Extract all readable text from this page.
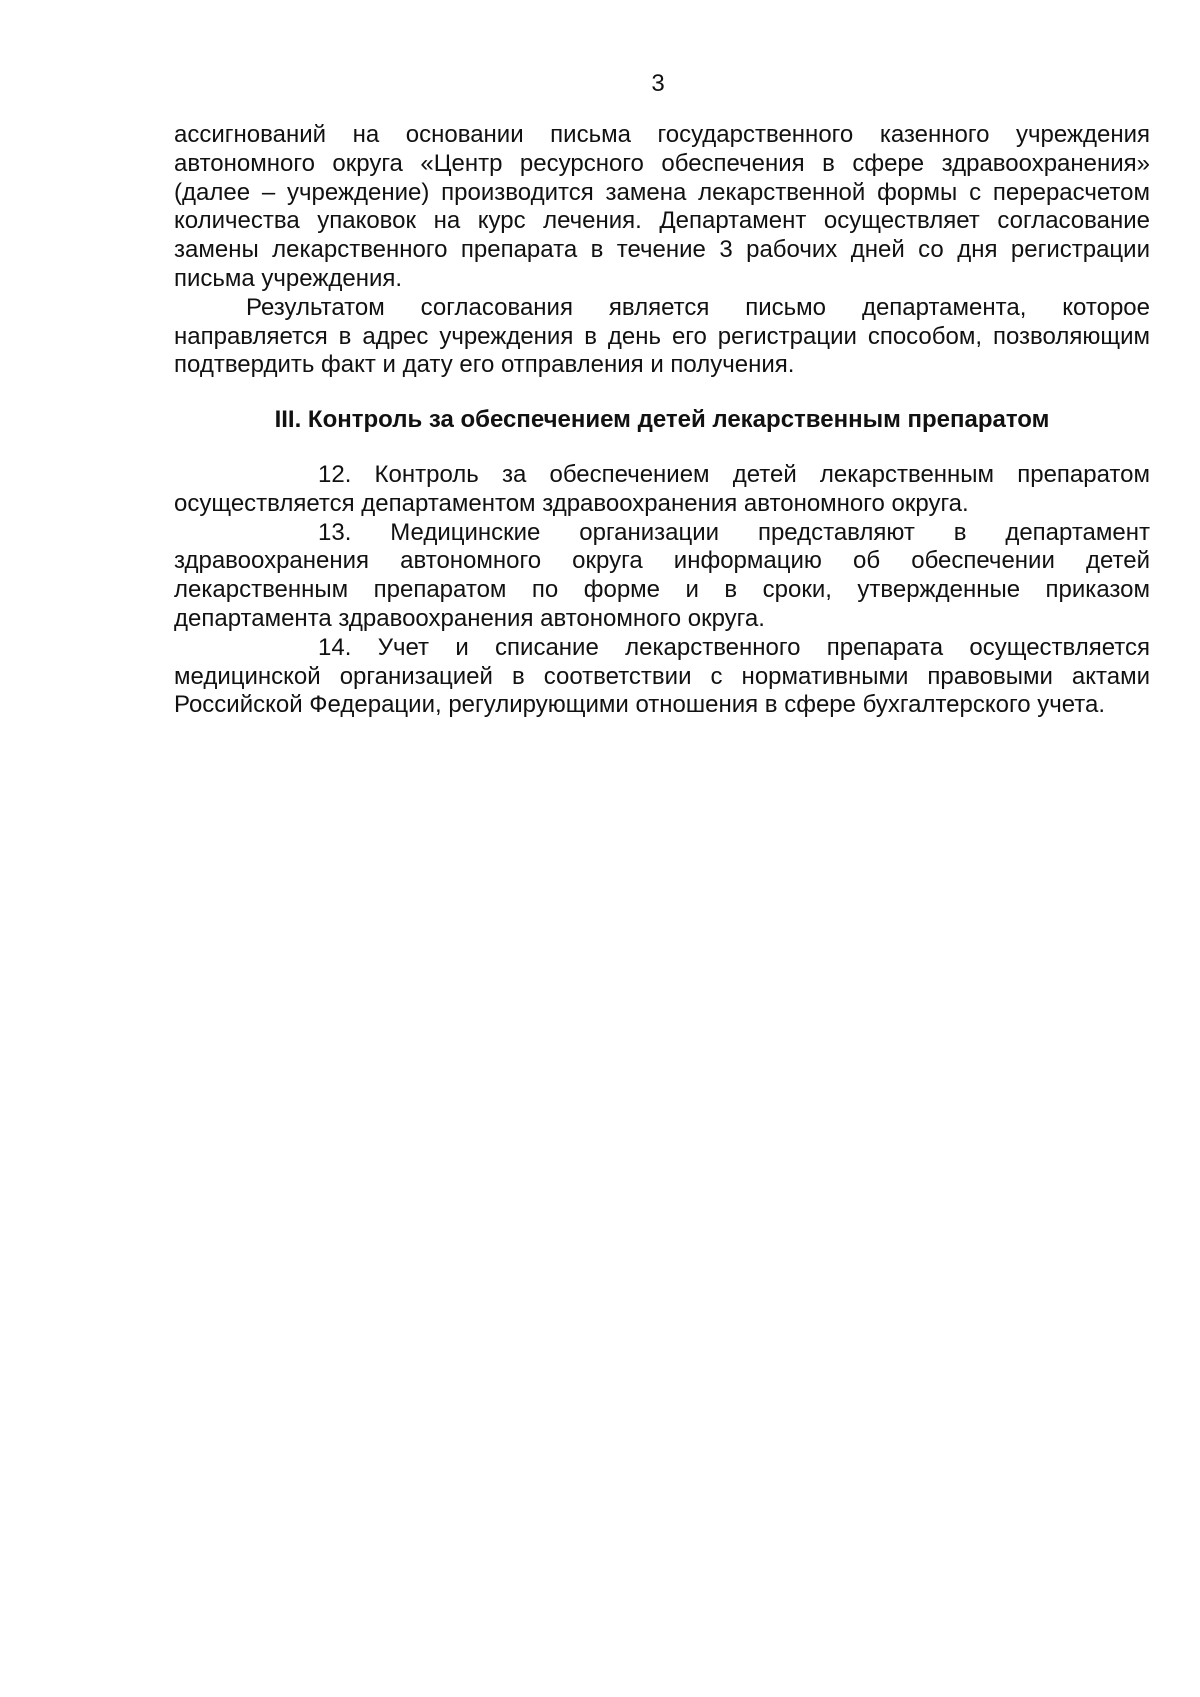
3

ассигнований на основании письма государственного казенного учреждения автономного округа «Центр ресурсного обеспечения в сфере здравоохранения» (далее – учреждение) производится замена лекарственной формы с перерасчетом количества упаковок на курс лечения. Департамент осуществляет согласование замены лекарственного препарата в течение 3 рабочих дней со дня регистрации письма учреждения.

Результатом согласования является письмо департамента, которое направляется в адрес учреждения в день его регистрации способом, позволяющим подтвердить факт и дату его отправления и получения.

III. Контроль за обеспечением детей лекарственным препаратом

12. Контроль за обеспечением детей лекарственным препаратом осуществляется департаментом здравоохранения автономного округа.

13. Медицинские организации представляют в департамент здравоохранения автономного округа информацию об обеспечении детей лекарственным препаратом по форме и в сроки, утвержденные приказом департамента здравоохранения автономного округа.

14. Учет и списание лекарственного препарата осуществляется медицинской организацией в соответствии с нормативными правовыми актами Российской Федерации, регулирующими отношения в сфере бухгалтерского учета.
